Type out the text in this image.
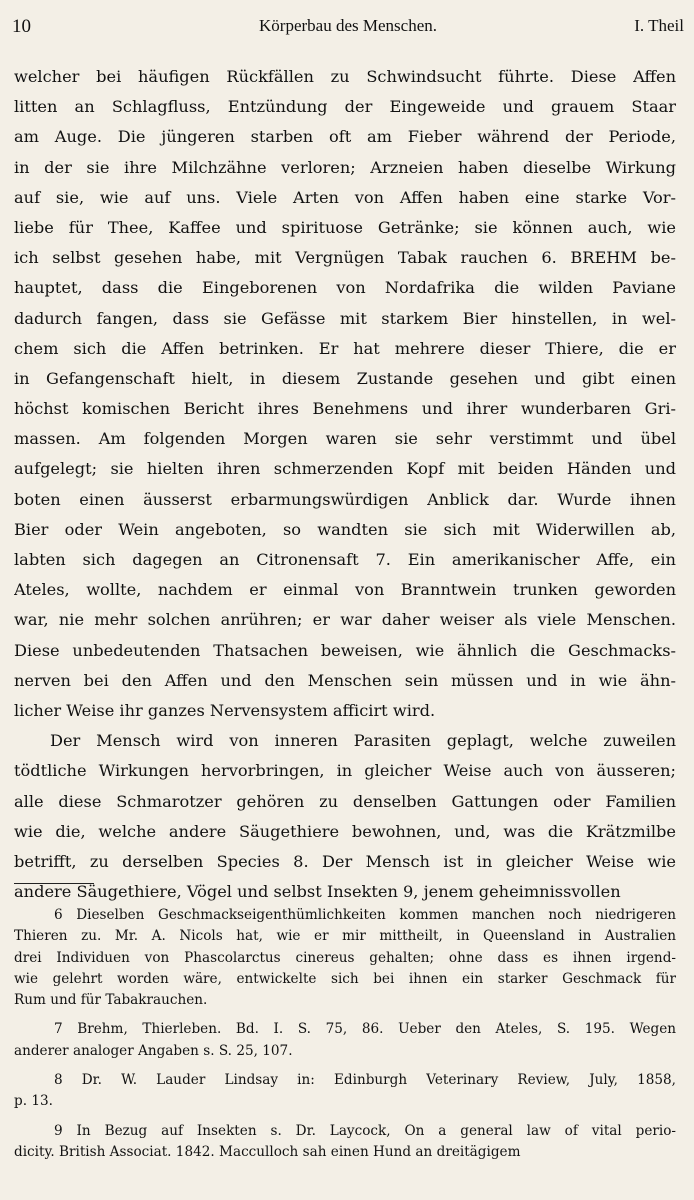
10	Körperbau des Menschen.	I. Theil
welcher bei häufigen Rückfällen zu Schwindsucht führte. Diese Affen
litten an Schlagfluss, Entzündung der Eingeweide und grauem Staar
am Auge. Die jüngeren starben oft am Fieber während der Periode,
in der sie ihre Milchzähne verloren; Arzneien haben dieselbe Wirkung
auf sie, wie auf uns. Viele Arten von Affen haben eine starke Vor-
liebe für Thee, Kaffee und spirituose Getränke; sie können auch, wie
ich selbst gesehen habe, mit Vergnügen Tabak rauchen 6. BREHM be-
hauptet, dass die Eingeborenen von Nordafrika die wilden Paviane
dadurch fangen, dass sie Gefässe mit starkem Bier hinstellen, in wel-
chem sich die Affen betrinken. Er hat mehrere dieser Thiere, die er
in Gefangenschaft hielt, in diesem Zustande gesehen und gibt einen
höchst komischen Bericht ihres Benehmens und ihrer wunderbaren Gri-
massen. Am folgenden Morgen waren sie sehr verstimmt und übel
aufgelegt; sie hielten ihren schmerzenden Kopf mit beiden Händen und
boten einen äusserst erbarmungswürdigen Anblick dar. Wurde ihnen
Bier oder Wein angeboten, so wandten sie sich mit Widerwillen ab,
labten sich dagegen an Citronensaft 7. Ein amerikanischer Affe, ein
Ateles, wollte, nachdem er einmal von Branntwein trunken geworden
war, nie mehr solchen anrühren; er war daher weiser als viele Menschen.
Diese unbedeutenden Thatsachen beweisen, wie ähnlich die Geschmacks-
nerven bei den Affen und den Menschen sein müssen und in wie ähn-
licher Weise ihr ganzes Nervensystem afficirt wird.
Der Mensch wird von inneren Parasiten geplagt, welche zuweilen
tödtliche Wirkungen hervorbringen, in gleicher Weise auch von äusseren;
alle diese Schmarotzer gehören zu denselben Gattungen oder Familien
wie die, welche andere Säugethiere bewohnen, und, was die Krätzmilbe
betrifft, zu derselben Species 8. Der Mensch ist in gleicher Weise wie
andere Säugethiere, Vögel und selbst Insekten 9, jenem geheimnissvollen
6 Dieselben Geschmackseigenthümlichkeiten kommen manchen noch niedrigeren
Thieren zu. Mr. A. Nicols hat, wie er mir mittheilt, in Queensland in Australien
drei Individuen von Phascolarctus cinereus gehalten; ohne dass es ihnen irgend-
wie gelehrt worden wäre, entwickelte sich bei ihnen ein starker Geschmack für
Rum und für Tabakrauchen.
7 Brehm, Thierleben. Bd. I. S. 75, 86. Ueber den Ateles, S. 195. Wegen
anderer analoger Angaben s. S. 25, 107.
8 Dr. W. Lauder Lindsay in: Edinburgh Veterinary Review, July, 1858,
p. 13.
9 In Bezug auf Insekten s. Dr. Laycock, On a general law of vital perio-
dicity. British Associat. 1842. Macculloch sah einen Hund an dreitägigem
